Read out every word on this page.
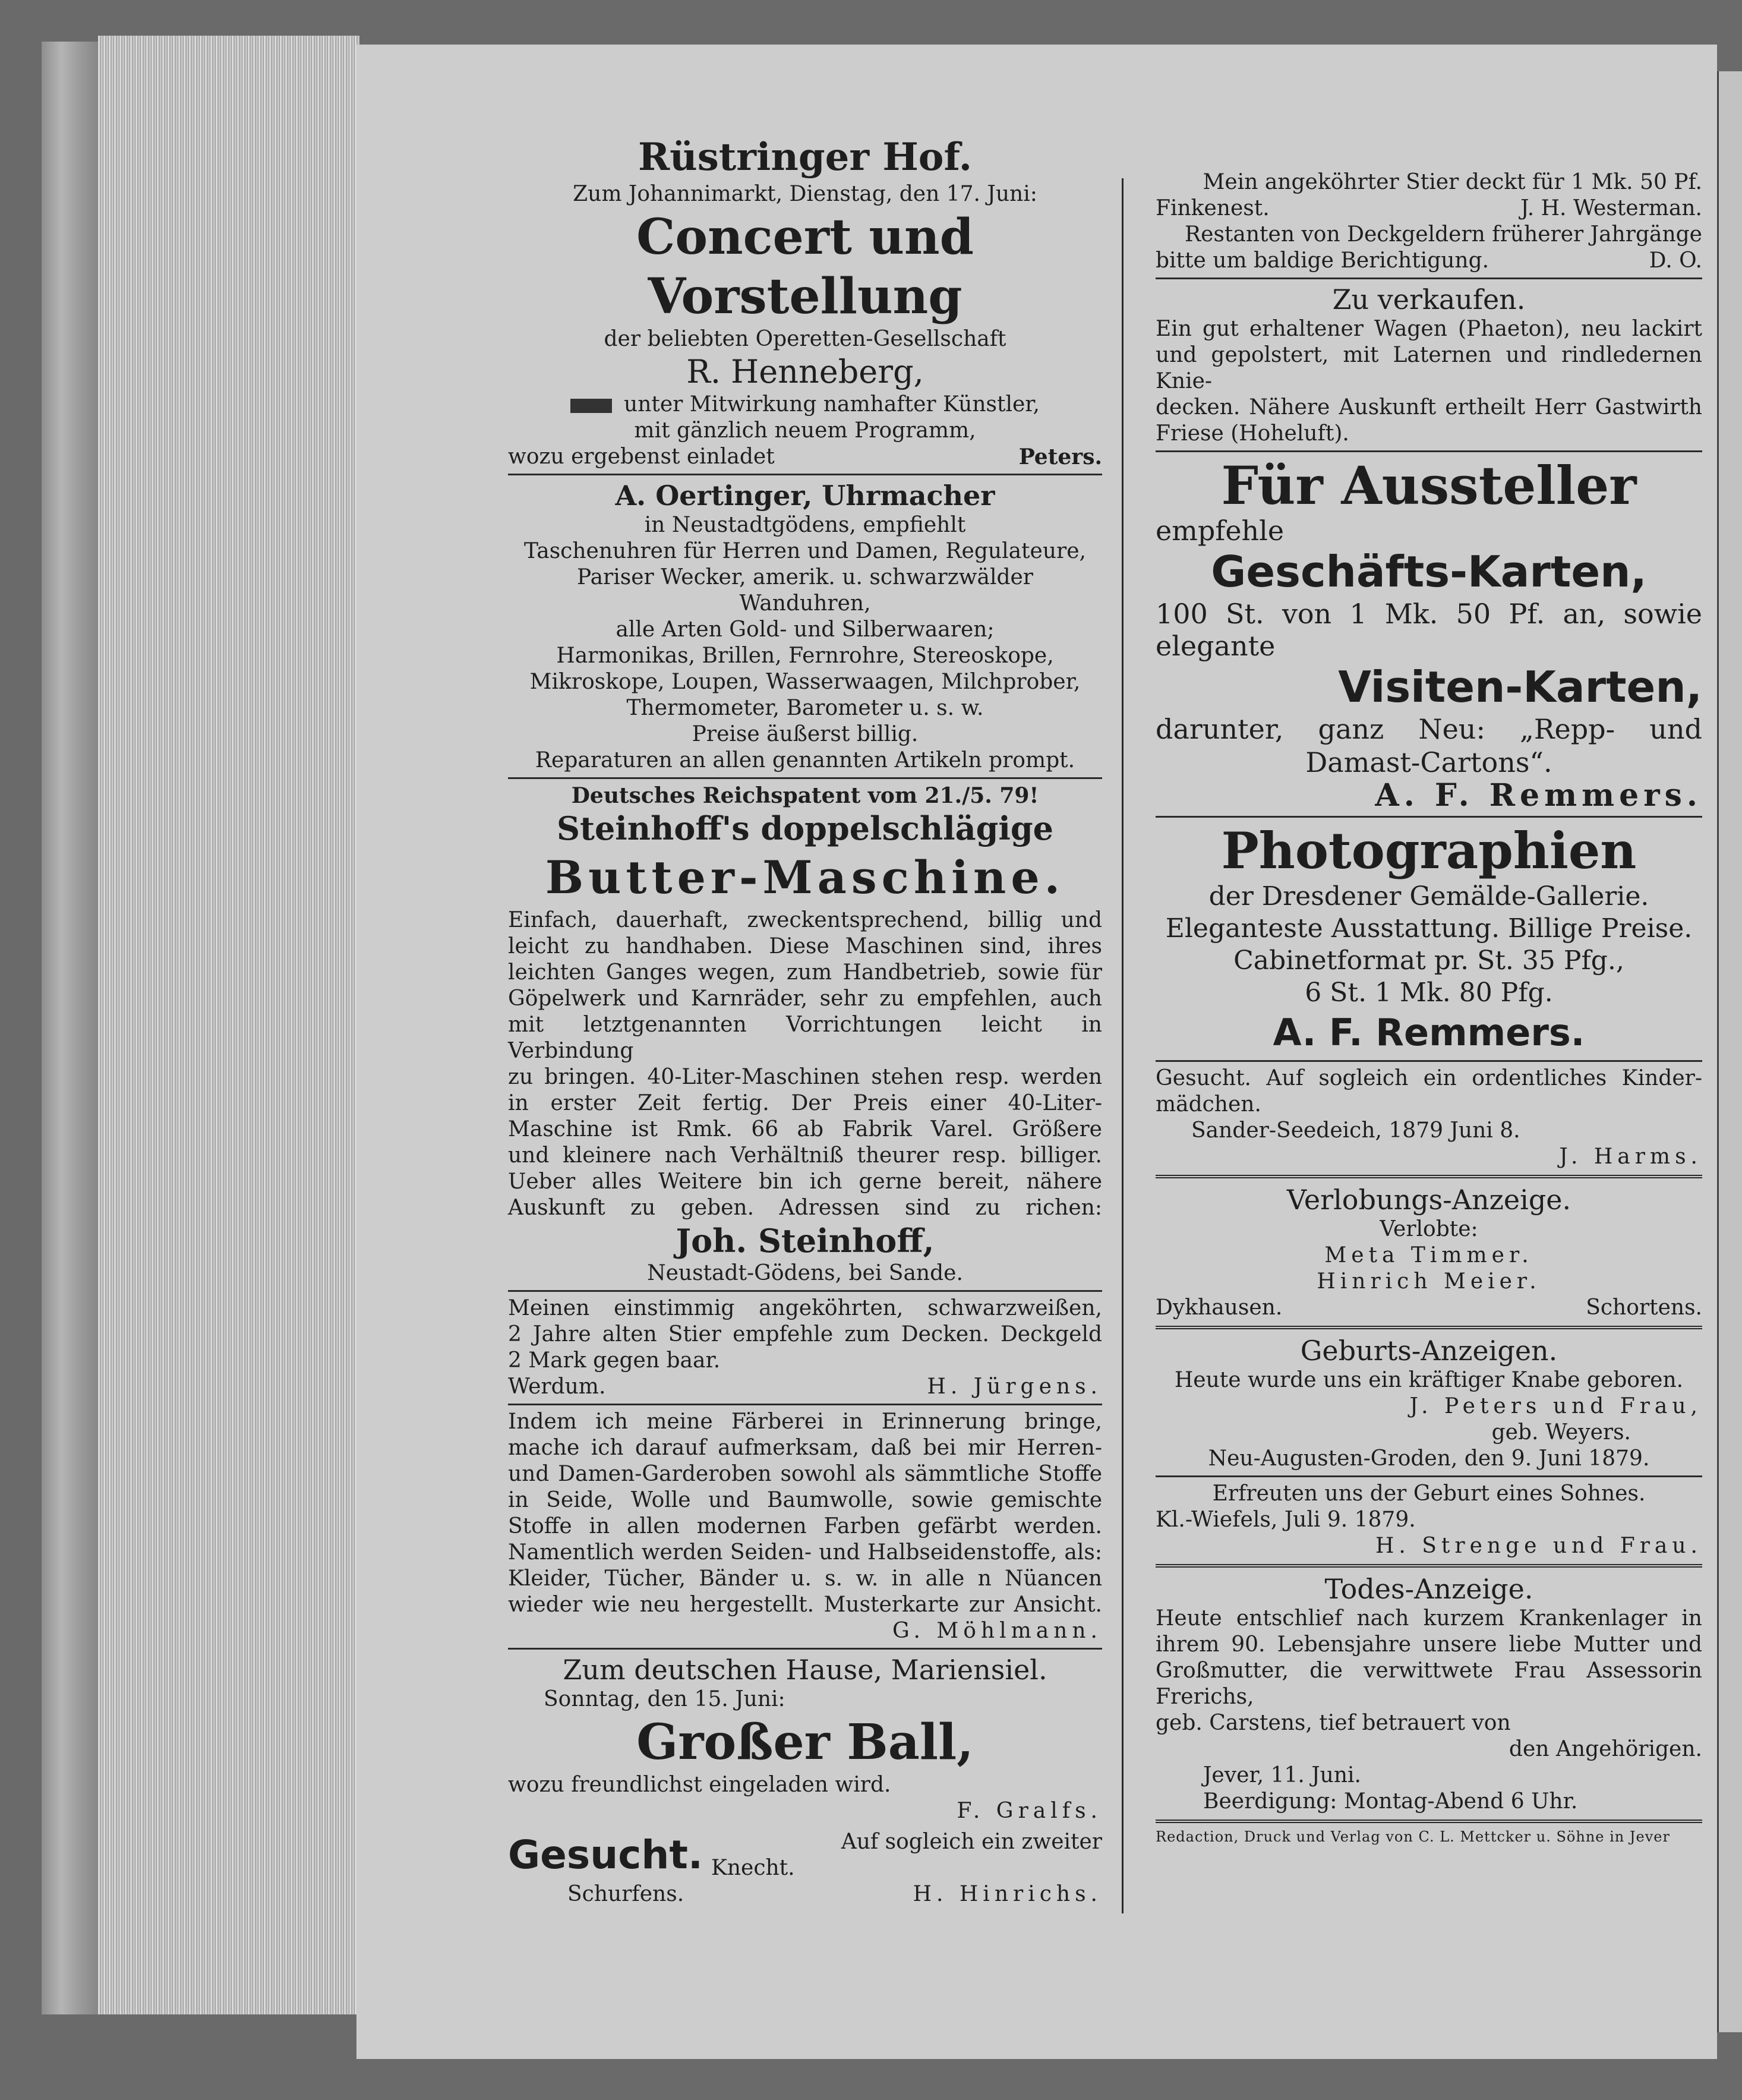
Rüstringer Hof.
Zum Johannimarkt, Dienstag, den 17. Juni:
Concert und Vorstellung
der beliebten Operetten-Gesellschaft
R. Henneberg,
unter Mitwirkung namhafter Künstler,
mit gänzlich neuem Programm,
wozu ergebenst einladet	Peters.
A. Oertinger, Uhrmacher
in Neustadtgödens, empfiehlt
Taschenuhren für Herren und Damen, Regulateure,
Pariser Wecker, amerik. u. schwarzwälder Wanduhren,
alle Arten Gold- und Silberwaaren;
Harmonikas, Brillen, Fernrohre, Stereoskope,
Mikroskope, Loupen, Wasserwaagen, Milchprober,
Thermometer, Barometer u. s. w.
Preise äußerst billig.
Reparaturen an allen genannten Artikeln prompt.
Deutsches Reichspatent vom 21./5. 79!
Steinhoff's doppelschlägige
Butter-Maschine.
Einfach, dauerhaft, zweckentsprechend, billig und
leicht zu handhaben. Diese Maschinen sind, ihres
leichten Ganges wegen, zum Handbetrieb, sowie für
Göpelwerk und Karnräder, sehr zu empfehlen, auch
mit letztgenannten Vorrichtungen leicht in Verbindung
zu bringen. 40-Liter-Maschinen stehen resp. werden
in erster Zeit fertig. Der Preis einer 40-Liter-
Maschine ist Rmk. 66 ab Fabrik Varel. Größere
und kleinere nach Verhältniß theurer resp. billiger.
Ueber alles Weitere bin ich gerne bereit, nähere
Auskunft zu geben. Adressen sind zu richen:
Joh. Steinhoff,
Neustadt-Gödens, bei Sande.
Meinen einstimmig angeköhrten, schwarzweißen,
2 Jahre alten Stier empfehle zum Decken. Deckgeld
2 Mark gegen baar.
Werdum.	H. Jürgens.
Indem ich meine Färberei in Erinnerung bringe,
mache ich darauf aufmerksam, daß bei mir Herren-
und Damen-Garderoben sowohl als sämmtliche Stoffe
in Seide, Wolle und Baumwolle, sowie gemischte
Stoffe in allen modernen Farben gefärbt werden.
Namentlich werden Seiden- und Halbseidenstoffe, als:
Kleider, Tücher, Bänder u. s. w. in alle n Nüancen
wieder wie neu hergestellt. Musterkarte zur Ansicht.
G. Möhlmann.
Zum deutschen Hause, Mariensiel.
Sonntag, den 15. Juni:
Großer Ball,
wozu freundlichst eingeladen wird.
F. Gralfs.
Gesucht.	Auf sogleich ein zweiter
Knecht.
Schurfens.	H. Hinrichs.
Mein angeköhrter Stier deckt für 1 Mk. 50 Pf.
Finkenest.	J. H. Westerman.
Restanten von Deckgeldern früherer Jahrgänge
bitte um baldige Berichtigung.	D. O.
Zu verkaufen.
Ein gut erhaltener Wagen (Phaeton), neu lackirt
und gepolstert, mit Laternen und rindledernen Knie-
decken. Nähere Auskunft ertheilt Herr Gastwirth
Friese (Hoheluft).
Für Aussteller
empfehle
Geschäfts-Karten,
100 St. von 1 Mk. 50 Pf. an, sowie
elegante
Visiten-Karten,
darunter, ganz Neu: „Repp- und
Damast-Cartons“.
A. F. Remmers.
Photographien
der Dresdener Gemälde-Gallerie.
Eleganteste Ausstattung. Billige Preise.
Cabinetformat pr. St. 35 Pfg.,
6 St. 1 Mk. 80 Pfg.
A. F. Remmers.
Gesucht. Auf sogleich ein ordentliches Kinder-
mädchen.
Sander-Seedeich, 1879 Juni 8.
J. Harms.
Verlobungs-Anzeige.
Verlobte:
Meta Timmer.
Hinrich Meier.
Dykhausen.	Schortens.
Geburts-Anzeigen.
Heute wurde uns ein kräftiger Knabe geboren.
J. Peters und Frau,
geb. Weyers.
Neu-Augusten-Groden, den 9. Juni 1879.
Erfreuten uns der Geburt eines Sohnes.
Kl.-Wiefels, Juli 9. 1879.
H. Strenge und Frau.
Todes-Anzeige.
Heute entschlief nach kurzem Krankenlager in
ihrem 90. Lebensjahre unsere liebe Mutter und
Großmutter, die verwittwete Frau Assessorin Frerichs,
geb. Carstens, tief betrauert von
den Angehörigen.
Jever, 11. Juni.
Beerdigung: Montag-Abend 6 Uhr.
Redaction, Druck und Verlag von C. L. Mettcker u. Söhne in Jever
